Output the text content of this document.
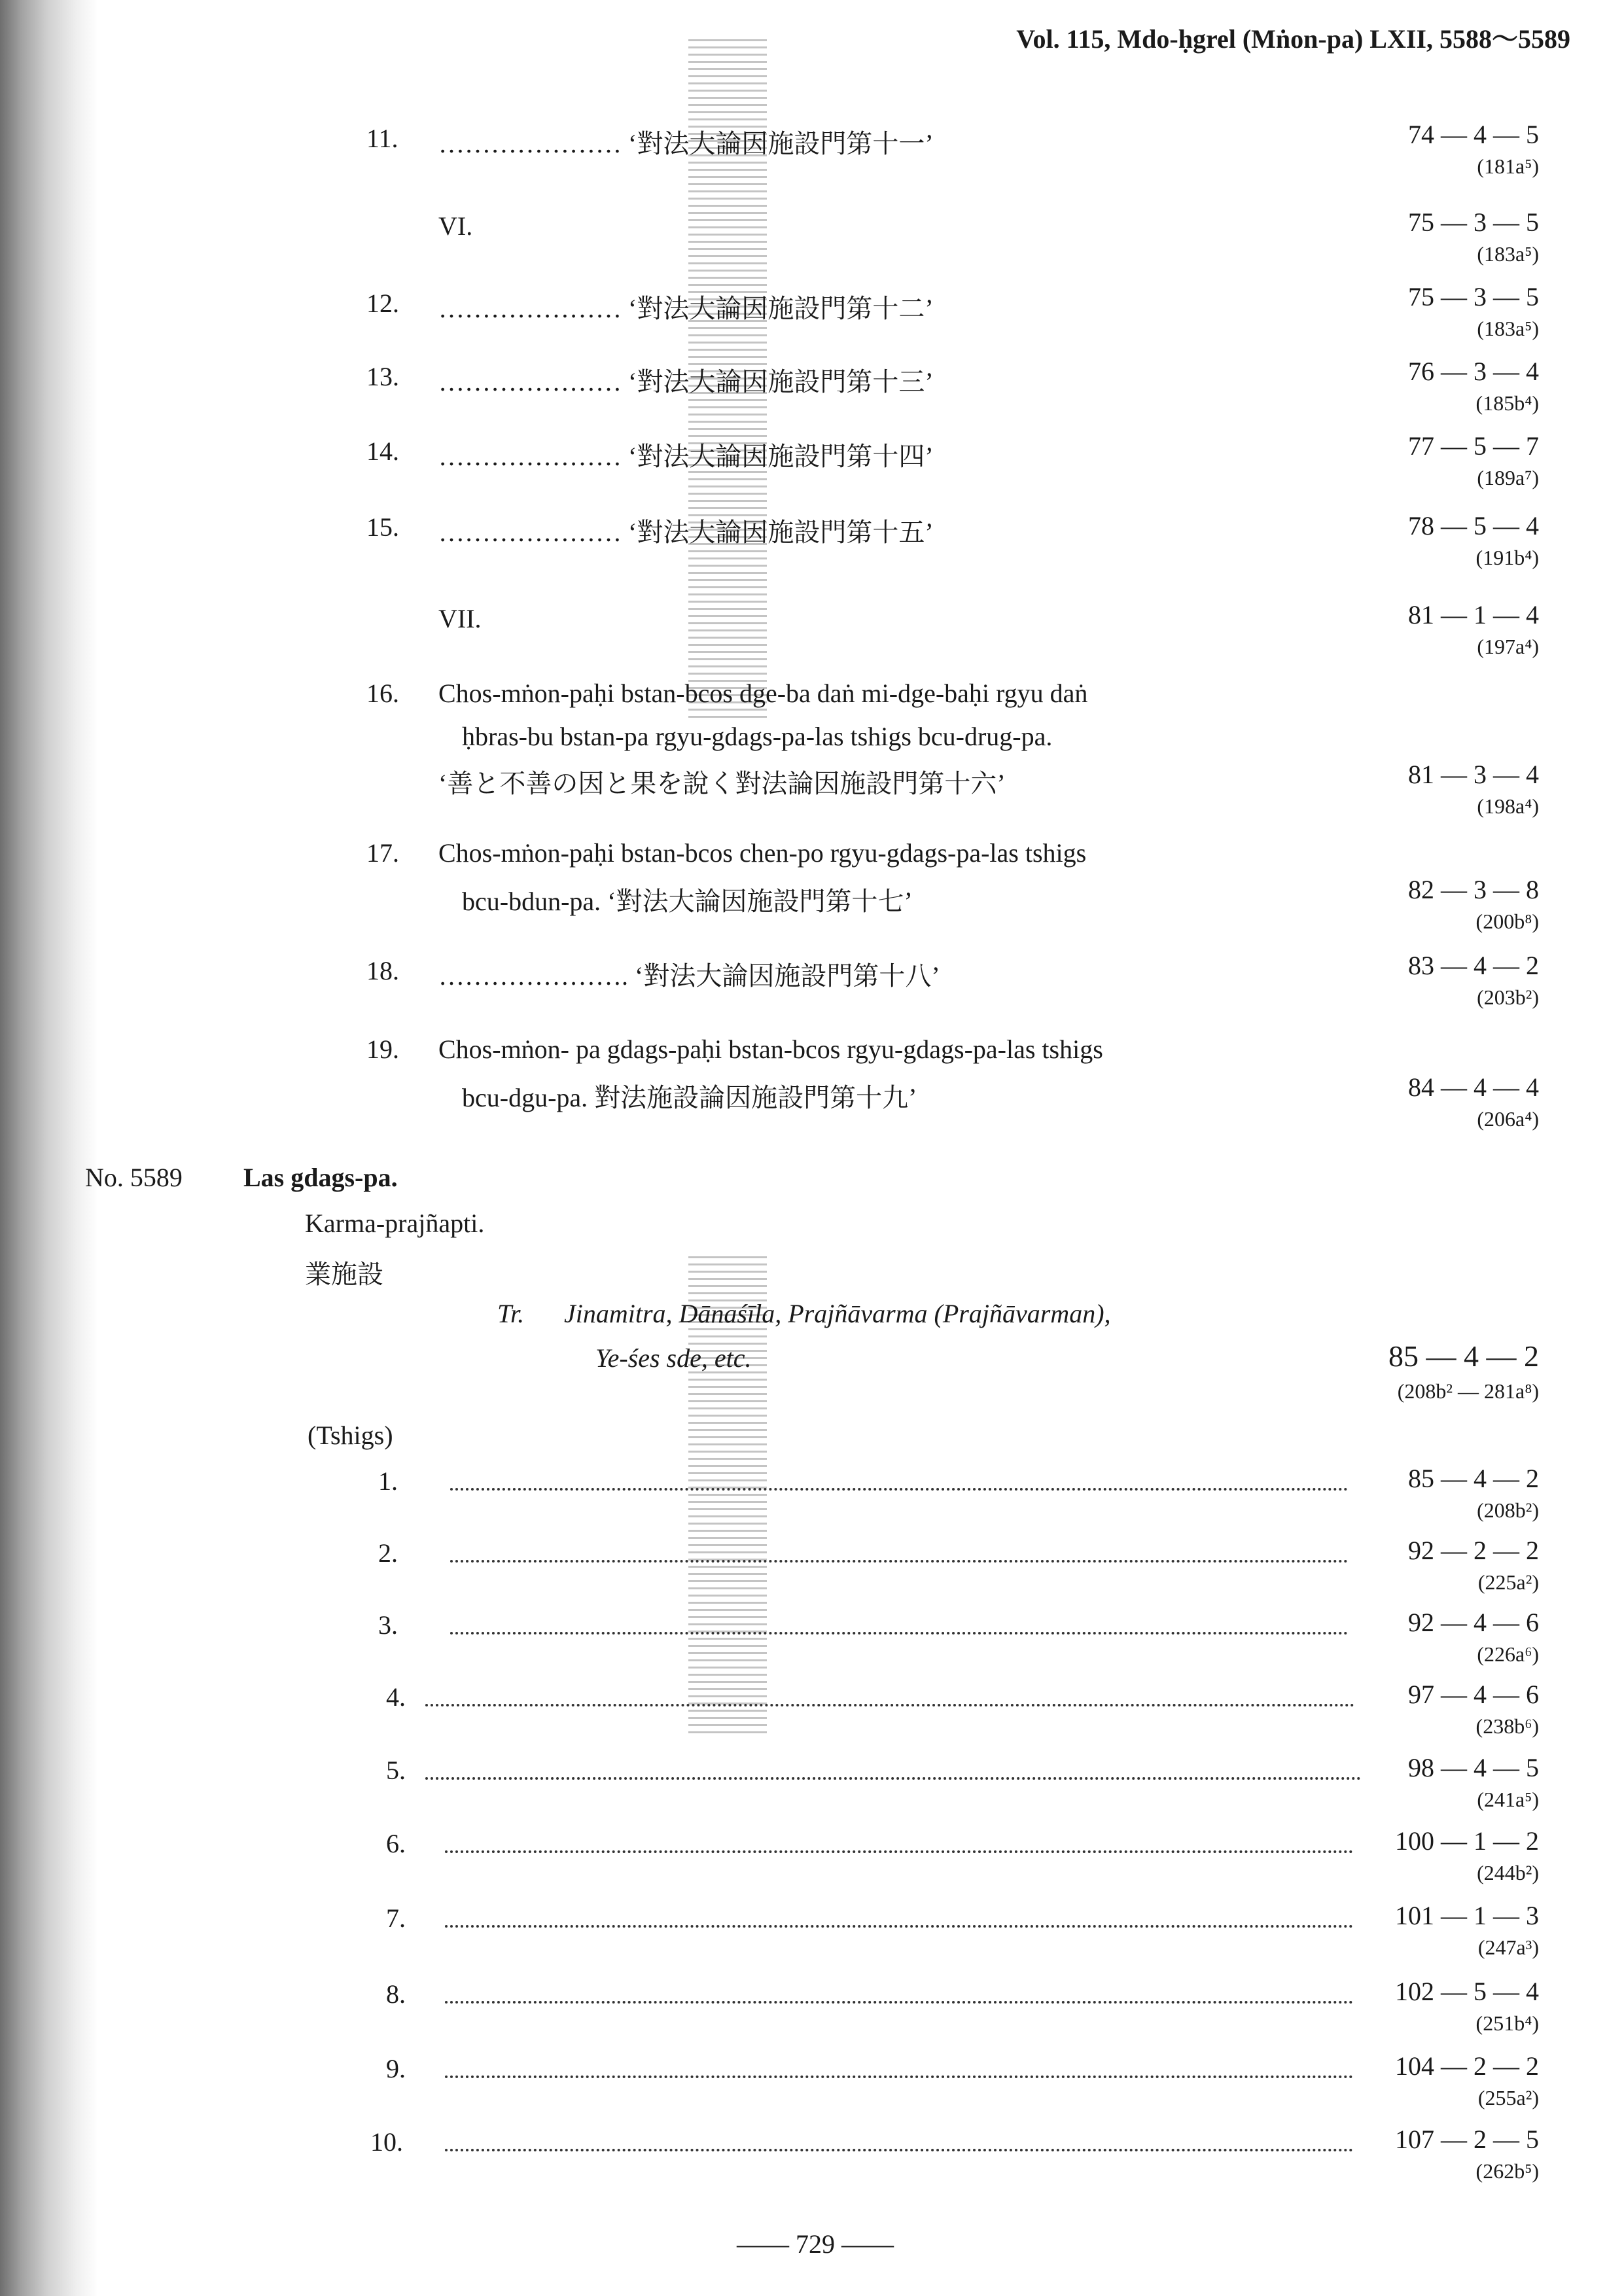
Vol. 115, Mdo-ḥgrel (Mṅon-pa) LXII, 5588～5589
11. ………………… ‘對法大論因施設門第十一’	74 — 4 — 5
(181a⁵)
VI.	75 — 3 — 5
(183a⁵)
12. ………………… ‘對法大論因施設門第十二’	75 — 3 — 5
(183a⁵)
13. ………………… ‘對法大論因施設門第十三’	76 — 3 — 4
(185b⁴)
14. ………………… ‘對法大論因施設門第十四’	77 — 5 — 7
(189a⁷)
15. ………………… ‘對法大論因施設門第十五’	78 — 5 — 4
(191b⁴)
VII.	81 — 1 — 4
(197a⁴)
16. Chos-mṅon-paḥi bstan-bcos dge-ba daṅ mi-dge-baḥi rgyu daṅ
ḥbras-bu bstan-pa rgyu-gdags-pa-las tshigs bcu-drug-pa.
‘善と不善の因と果を說く對法論因施設門第十六’	81 — 3 — 4
(198a⁴)
17. Chos-mṅon-paḥi bstan-bcos chen-po rgyu-gdags-pa-las tshigs
bcu-bdun-pa. ‘對法大論因施設門第十七’	82 — 3 — 8
(200b⁸)
18. …………………. ‘對法大論因施設門第十八’	83 — 4 — 2
(203b²)
19. Chos-mṅon- pa gdags-paḥi bstan-bcos rgyu-gdags-pa-las tshigs
bcu-dgu-pa. 對法施設論因施設門第十九’	84 — 4 — 4
(206a⁴)
No. 5589 Las gdags-pa.
Karma-prajñapti.
業施設
Tr. Jinamitra, Dānaśīla, Prajñāvarma (Prajñāvarman),
Ye-śes sde, etc.	85 — 4 — 2
(208b² — 281a⁸)
(Tshigs)
1.	85 — 4 — 2
(208b²)
2.	92 — 2 — 2
(225a²)
3.	92 — 4 — 6
(226a⁶)
4.	97 — 4 — 6
(238b⁶)
5.	98 — 4 — 5
(241a⁵)
6.	100 — 1 — 2
(244b²)
7.	101 — 1 — 3
(247a³)
8.	102 — 5 — 4
(251b⁴)
9.	104 — 2 — 2
(255a²)
10.	107 — 2 — 5
(262b⁵)
—— 729 ——
